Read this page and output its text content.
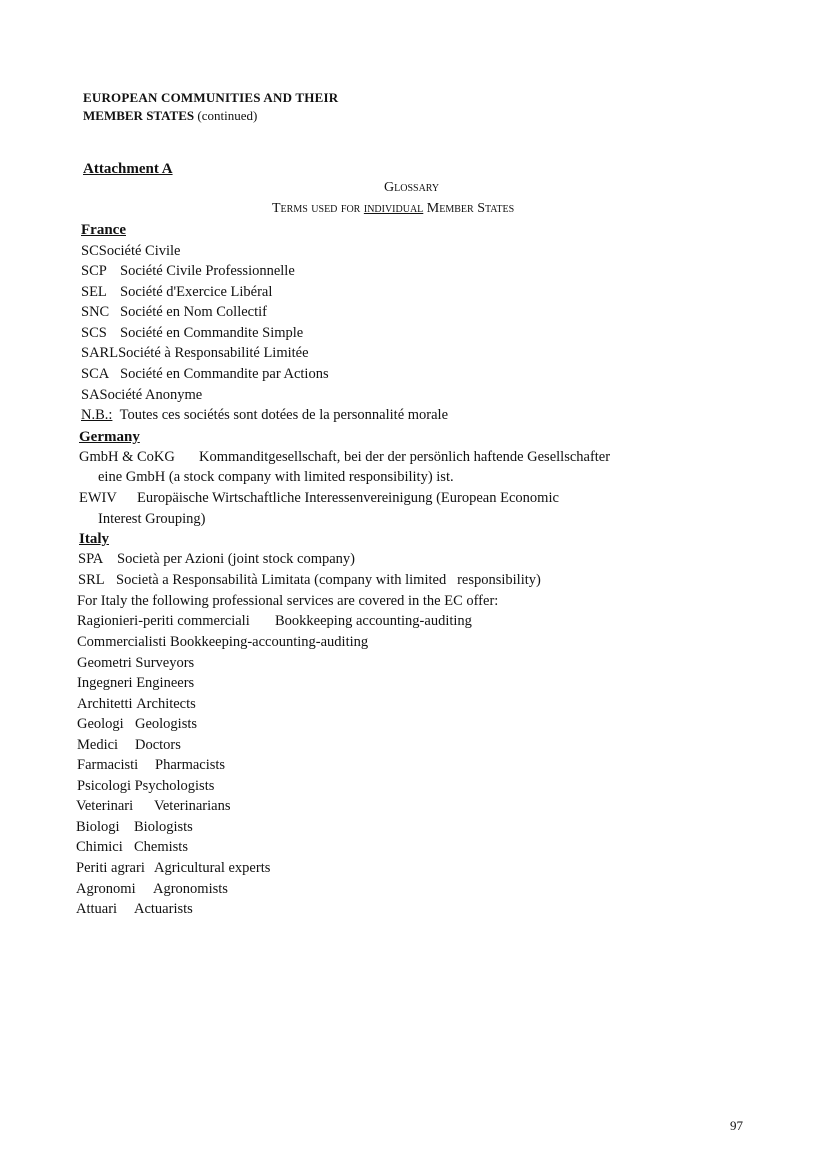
EUROPEAN COMMUNITIES AND THEIR
MEMBER STATES (continued)
Attachment A
Glossary
Terms used for individual Member States
France
SCSociété Civile
SCP Société Civile Professionnelle
SEL Société d'Exercice Libéral
SNC Société en Nom Collectif
SCS Société en Commandite Simple
SARLSociété à Responsabilité Limitée
SCA Société en Commandite par Actions
SASociété Anonyme
N.B.: Toutes ces sociétés sont dotées de la personnalité morale
Germany
GmbH & CoKG Kommanditgesellschaft, bei der der persönlich haftende Gesellschafter
eine GmbH (a stock company with limited responsibility) ist.
EWIV Europäische Wirtschaftliche Interessenvereinigung (European Economic
Interest Grouping)
Italy
SPA Società per Azioni (joint stock company)
SRL Società a Responsabilità Limitata (company with limited responsibility)
For Italy the following professional services are covered in the EC offer:
Ragionieri-periti commerciali Bookkeeping accounting-auditing
Commercialisti Bookkeeping-accounting-auditing
Geometri Surveyors
Ingegneri Engineers
Architetti Architects
Geologi Geologists
Medici Doctors
Farmacisti Pharmacists
Psicologi Psychologists
Veterinari Veterinarians
Biologi Biologists
Chimici Chemists
Periti agrari Agricultural experts
Agronomi Agronomists
Attuari Actuarists
97
